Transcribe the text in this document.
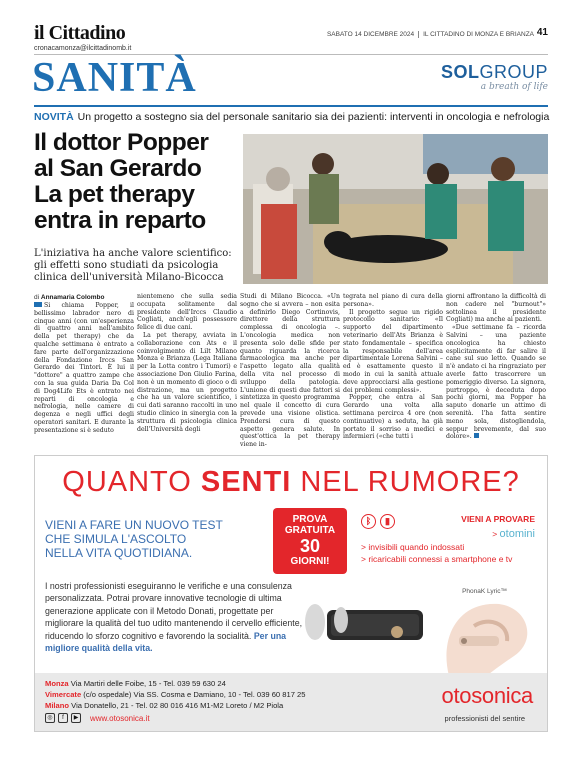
il Cittadino
cronacamonza@ilcittadinomb.it
SABATO 14 DICEMBRE 2024 IL CITTADINO DI MONZA E BRIANZA 41
SANITÀ	SOLGROUP
a breath of life
NOVITÀ Un progetto a sostegno sia del personale sanitario sia dei pazienti: interventi in oncologia e nefrologia
Il dottor Popper
al San Gerardo
La pet therapy
entra in reparto
L'iniziativa ha anche valore scientifico: gli effetti sono studiati da psicologia clinica dell'università Milano-Bicocca
di Annamaria Colombo

Si chiama Popper, il bellissimo labrador nero di cinque anni (con un'esperienza di quattro anni nell'ambito della pet therapy) che da qualche settimana è entrato a fare parte dell'organizzazione della Fondazione Irccs San Gerardo dei Tintori. È lui il "dottore" a quattro zampe che con la sua guida Daria Da Col di Dog4Life Ets è entrato nei reparti di oncologia e nefrologia, nelle camere di degenza e negli uffici degli operatori sanitari. E durante la presentazione si è seduto

nientemeno che sulla sedia occupata solitamente dal presidente dell'Irccs Claudio Cogliati, anch'egli possessore felice di due cani.

La pet therapy, avviata in collaborazione con Ats e il coinvolgimento di Lilt Milano Monza e Brianza (Lega Italiana per la Lotta contro i Tumori) e associazione Don Giulio Farina, non è un momento di gioco o di distrazione, ma un progetto che ha un valore scientifico, i cui dati saranno raccolti in uno studio clinico in sinergia con la struttura di psicologia clinica dell'Università degli

Studi di Milano Bicocca. «Un sogno che si avvera – non esita a definirlo Diego Cortinovis, direttore della struttura complessa di oncologia –. L'oncologia medica non presenta solo delle sfide per quanto riguarda la ricerca farmacologica ma anche per l'aspetto legato alla qualità della vita nel processo di sviluppo della patologia. L'unione di questi due fattori si sintetizza in questo programma nel quale il concetto di cura prevede una visione olistica. Prendersi cura di questo aspetto genera salute. In quest'ottica la pet therapy viene in-

tegrata nel piano di cura della persona».

Il progetto segue un rigido protocollo sanitario: «Il supporto del dipartimento veterinario dell'Ats Brianza è stato fondamentale – specifica la responsabile dell'area dipartimentale Lorena Salvini – ed è esattamente questo il modo in cui la sanità attuale deve approcciarsi alla gestione dei problemi complessi».

Popper, che entra al San Gerardo una volta alla settimana percirca 4 ore (non continuative) a seduta, ha già portato il sorriso a medici e infermieri («che tutti i

giorni affrontano la difficoltà di non cadere nel "burnout"» sottolinea il presidente Cogliati) ma anche ai pazienti.

«Due settimane fa – ricorda Salvini – una paziente oncologica ha chiesto esplicitamente di far salire il cane sul suo letto. Quando se n'è andato ci ha ringraziato per averle fatto trascorrere un pomeriggio diverso. La signora, purtroppo, è deceduta dopo pochi giorni, ma Popper ha saputo donarle un attimo di serenità. l'ha fatta sentire meno sola, distogliendola, seppur brevemente, dal suo dolore».

QUANTO SENTI NEL RUMORE?
VIENI A FARE UN NUOVO TEST
CHE SIMULA L'ASCOLTO
NELLA VITA QUOTIDIANA.
PROVA
GRATUITA
30
GIORNI!
ᛒ	▮	VIENI A PROVARE
> otomini
> invisibili quando indossati
> ricaricabili connessi a smartphone e tv
I nostri professionisti eseguiranno le verifiche e una consulenza personalizzata. Potrai provare innovative tecnologie di ultima generazione applicate con il Metodo Donati, progettate per migliorare la qualità del tuo udito mantenendo il cervello efficiente, riducendo lo sforzo cognitivo e favorendo la socialità. Per una migliore qualità della vita.
PhonaK Lyric™
Monza Via Martiri delle Foibe, 15 - Tel. 039 59 630 24
Vimercate (c/o ospedale) Via SS. Cosma e Damiano, 10 - Tel. 039 60 817 25
Milano Via Donatello, 21 - Tel. 02 80 016 416 M1-M2 Loreto / M2 Piola
◎	f	▶	www.otosonica.it
otosonica
professionisti del sentire
